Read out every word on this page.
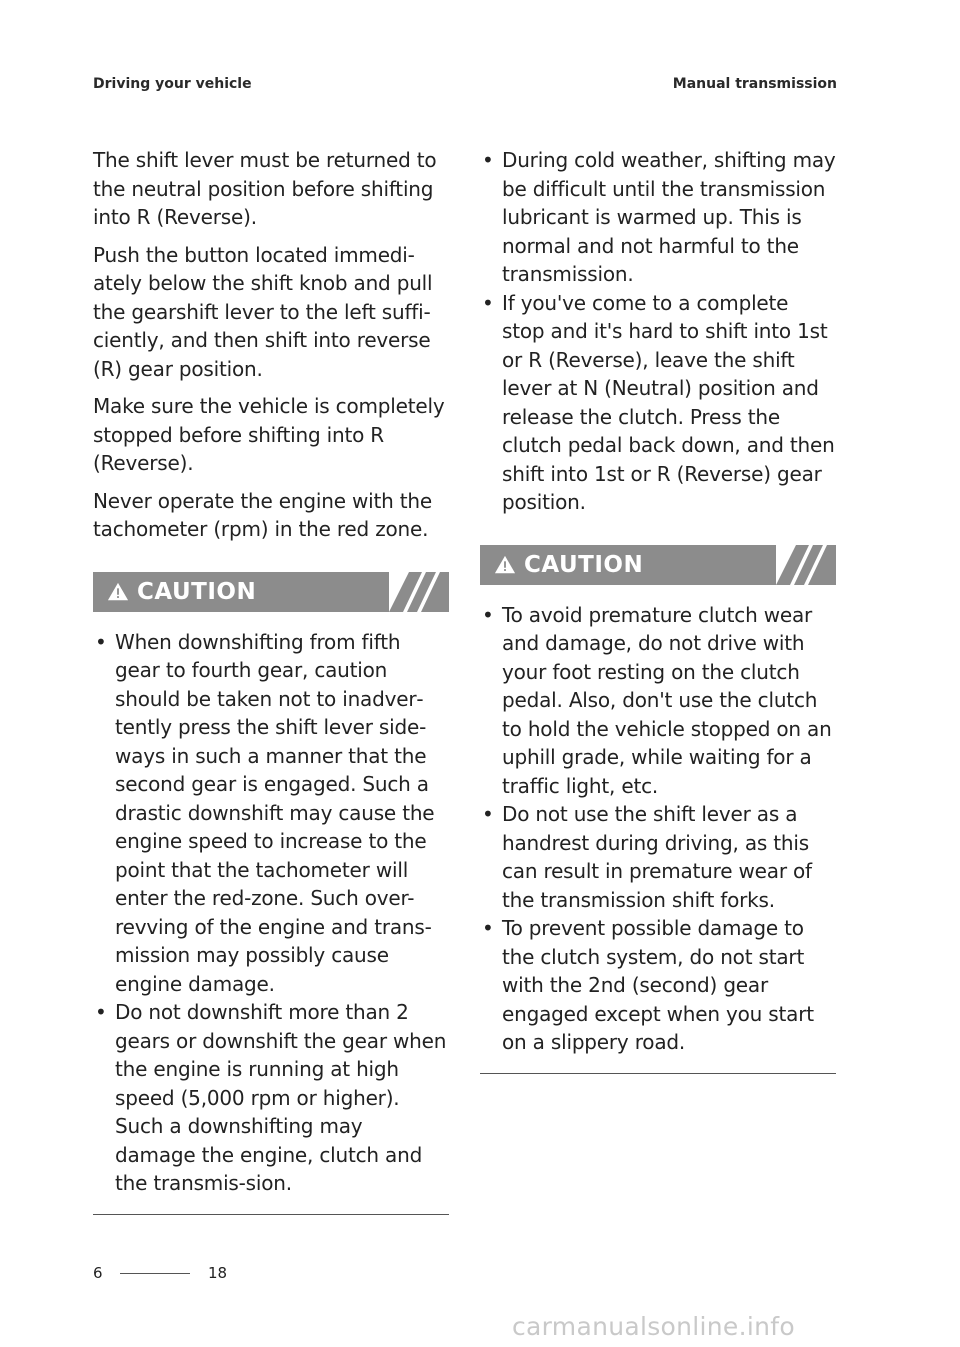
Driving your vehicle	Manual transmission

The shift lever must be returned to the neutral position before shifting into R (Reverse).

Push the button located immedi‐ately below the shift knob and pull the gearshift lever to the left suffi‐ciently, and then shift into reverse (R) gear position.

Make sure the vehicle is completely stopped before shifting into R (Reverse).

Never operate the engine with the tachometer (rpm) in the red zone.

CAUTION
• When downshifting from fifth gear to fourth gear, caution should be taken not to inadver‐tently press the shift lever side‐ways in such a manner that the second gear is engaged. Such a drastic downshift may cause the engine speed to increase to the point that the tachometer will enter the red-zone. Such over-revving of the engine and trans‐mission may possibly cause engine damage.
• Do not downshift more than 2 gears or downshift the gear when the engine is running at high speed (5,000 rpm or higher). Such a downshifting may damage the engine, clutch and the transmis‐sion.
• During cold weather, shifting may be difficult until the transmission lubricant is warmed up. This is normal and not harmful to the transmission.
• If you've come to a complete stop and it's hard to shift into 1st or R (Reverse), leave the shift lever at N (Neutral) position and release the clutch. Press the clutch pedal back down, and then shift into 1st or R (Reverse) gear position.
CAUTION
• To avoid premature clutch wear and damage, do not drive with your foot resting on the clutch pedal. Also, don't use the clutch to hold the vehicle stopped on an uphill grade, while waiting for a traffic light, etc.
• Do not use the shift lever as a handrest during driving, as this can result in premature wear of the transmission shift forks.
• To prevent possible damage to the clutch system, do not start with the 2nd (second) gear engaged except when you start on a slippery road.
6	18
carmanualsonline.info
